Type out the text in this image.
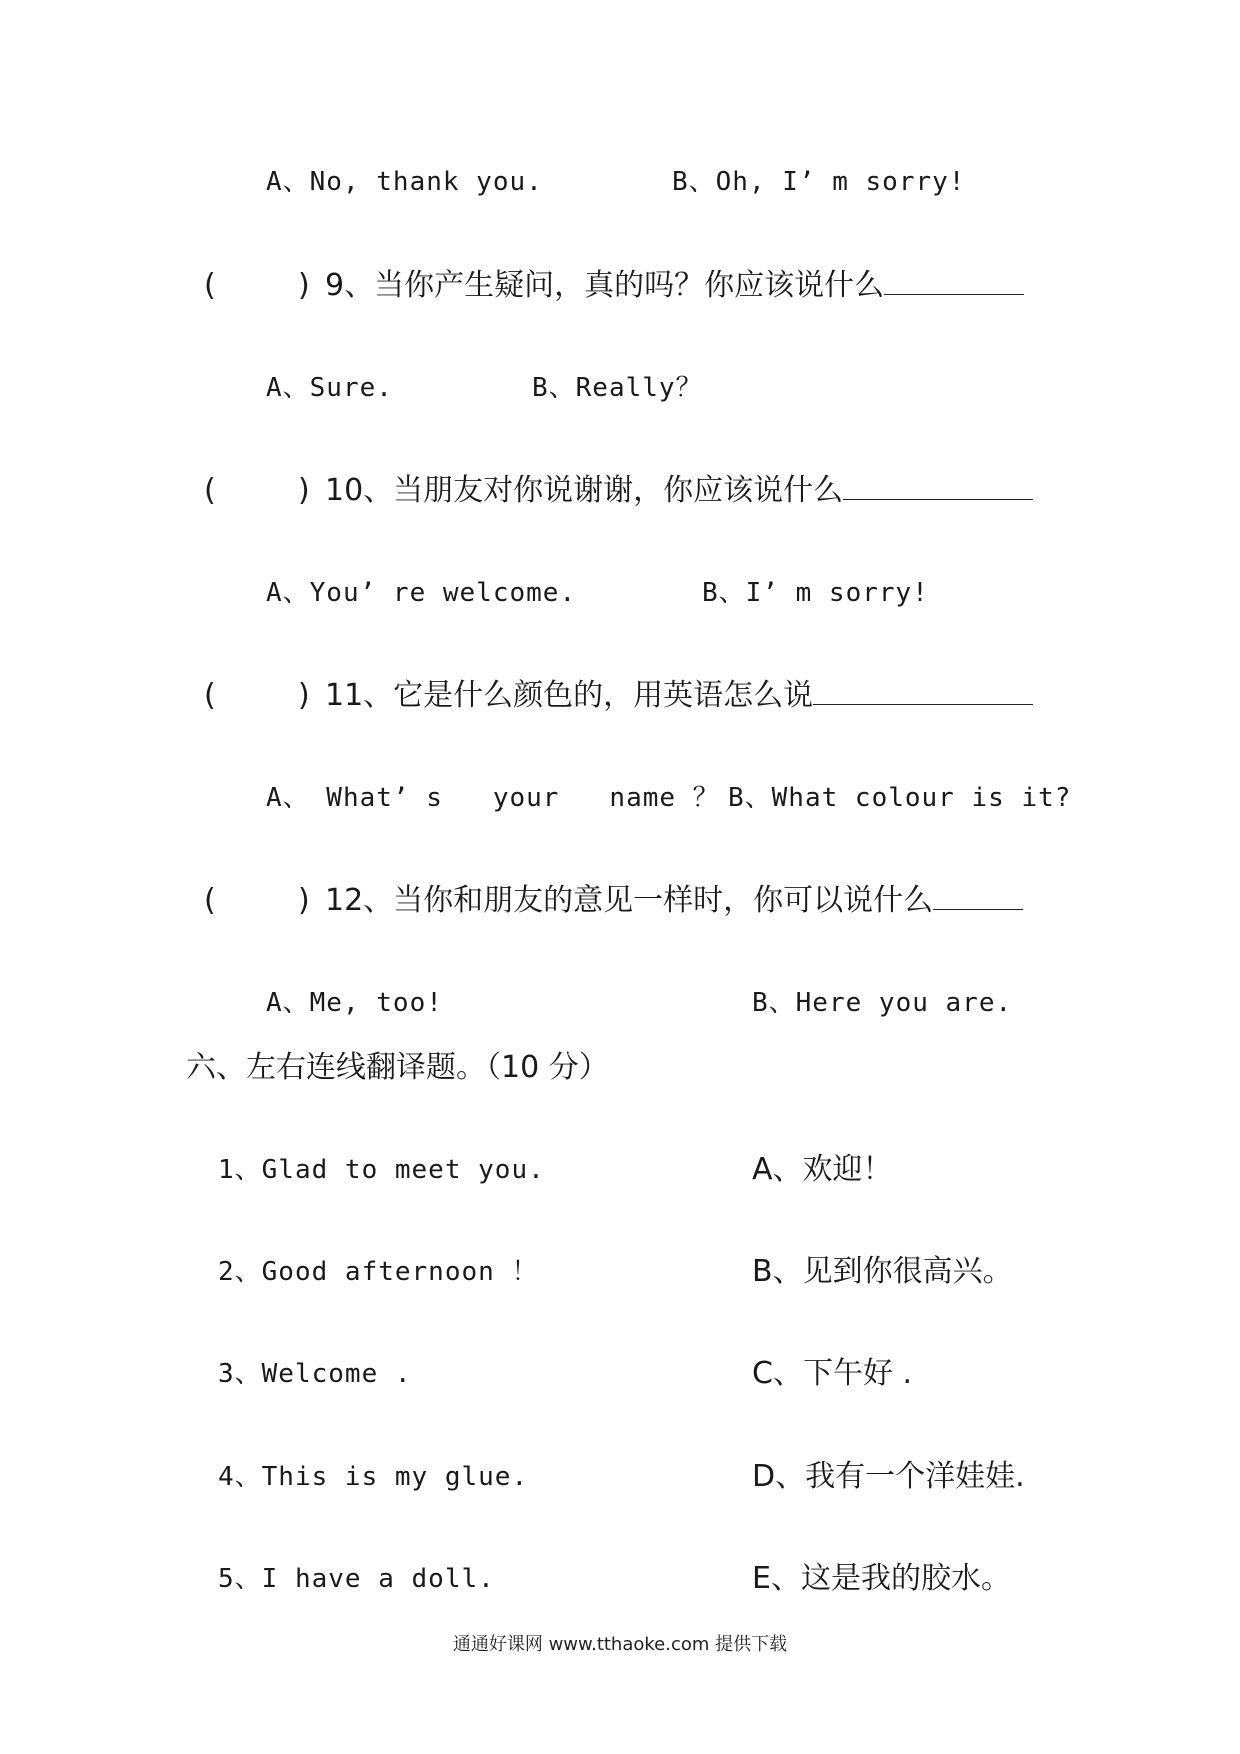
A、No, thank you.	B、Oh, I’ m sorry!
(	) 9、当你产生疑问，真的吗？你应该说什么
A、Sure.	B、Really？
(	) 10、当朋友对你说谢谢，你应该说什么
A、You’ re welcome.	B、I’ m sorry!
(	) 11、它是什么颜色的，用英语怎么说
A、 What’ s   your   name ？ B、What colour is it?
(	) 12、当你和朋友的意见一样时，你可以说什么
A、Me, too!	B、Here you are.
六、左右连线翻译题。（10 分）
1、Glad to meet you.	A、欢迎！
2、Good afternoon ！	B、见到你很高兴。
3、Welcome .	C、下午好 .
4、This is my glue.	D、我有一个洋娃娃.
5、I have a doll.	E、这是我的胶水。
通通好课网 www.tthaoke.com 提供下载
